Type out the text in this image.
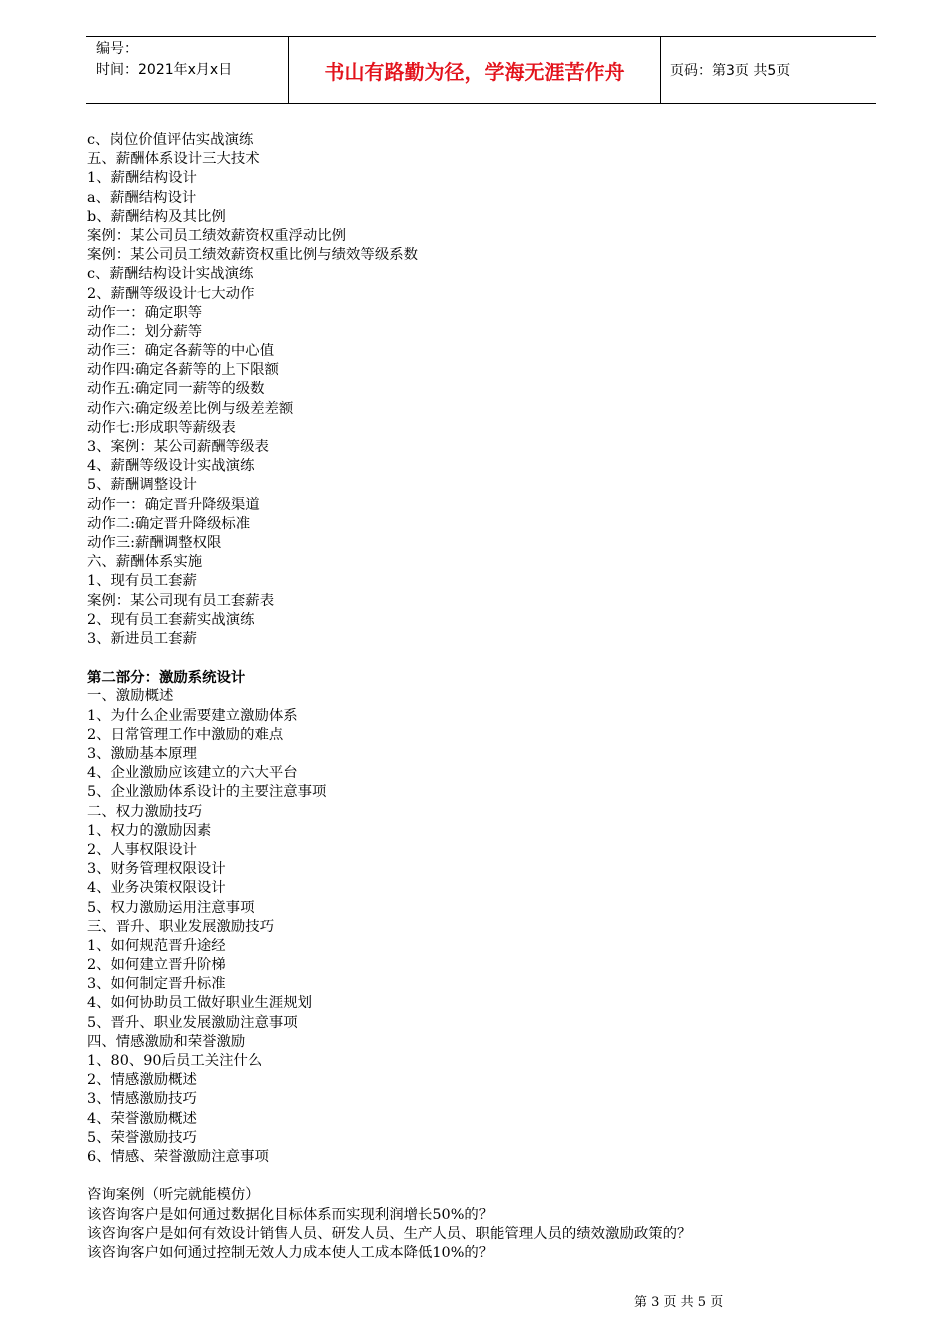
编号：
时间：2021年x月x日	书山有路勤为径，学海无涯苦作舟	页码：第3页 共5页
c、岗位价值评估实战演练
五、薪酬体系设计三大技术
1、薪酬结构设计
a、薪酬结构设计
b、薪酬结构及其比例
案例：某公司员工绩效薪资权重浮动比例
案例：某公司员工绩效薪资权重比例与绩效等级系数
c、薪酬结构设计实战演练
2、薪酬等级设计七大动作
动作一：确定职等
动作二：划分薪等
动作三：确定各薪等的中心值
动作四:确定各薪等的上下限额
动作五:确定同一薪等的级数
动作六:确定级差比例与级差差额
动作七:形成职等薪级表
3、案例：某公司薪酬等级表
4、薪酬等级设计实战演练
5、薪酬调整设计
动作一：确定晋升降级渠道
动作二:确定晋升降级标准
动作三:薪酬调整权限
六、薪酬体系实施
1、现有员工套薪
案例：某公司现有员工套薪表
2、现有员工套薪实战演练
3、新进员工套薪
第二部分：激励系统设计
一、激励概述
1、为什么企业需要建立激励体系
2、日常管理工作中激励的难点
3、激励基本原理
4、企业激励应该建立的六大平台
5、企业激励体系设计的主要注意事项
二、权力激励技巧
1、权力的激励因素
2、人事权限设计
3、财务管理权限设计
4、业务决策权限设计
5、权力激励运用注意事项
三、晋升、职业发展激励技巧
1、如何规范晋升途经
2、如何建立晋升阶梯
3、如何制定晋升标准
4、如何协助员工做好职业生涯规划
5、晋升、职业发展激励注意事项
四、情感激励和荣誉激励
1、80、90后员工关注什么
2、情感激励概述
3、情感激励技巧
4、荣誉激励概述
5、荣誉激励技巧
6、情感、荣誉激励注意事项
咨询案例（听完就能模仿）
该咨询客户是如何通过数据化目标体系而实现利润增长50%的？
该咨询客户是如何有效设计销售人员、研发人员、生产人员、职能管理人员的绩效激励政策的？
该咨询客户如何通过控制无效人力成本使人工成本降低10%的？
第 3 页 共 5 页
